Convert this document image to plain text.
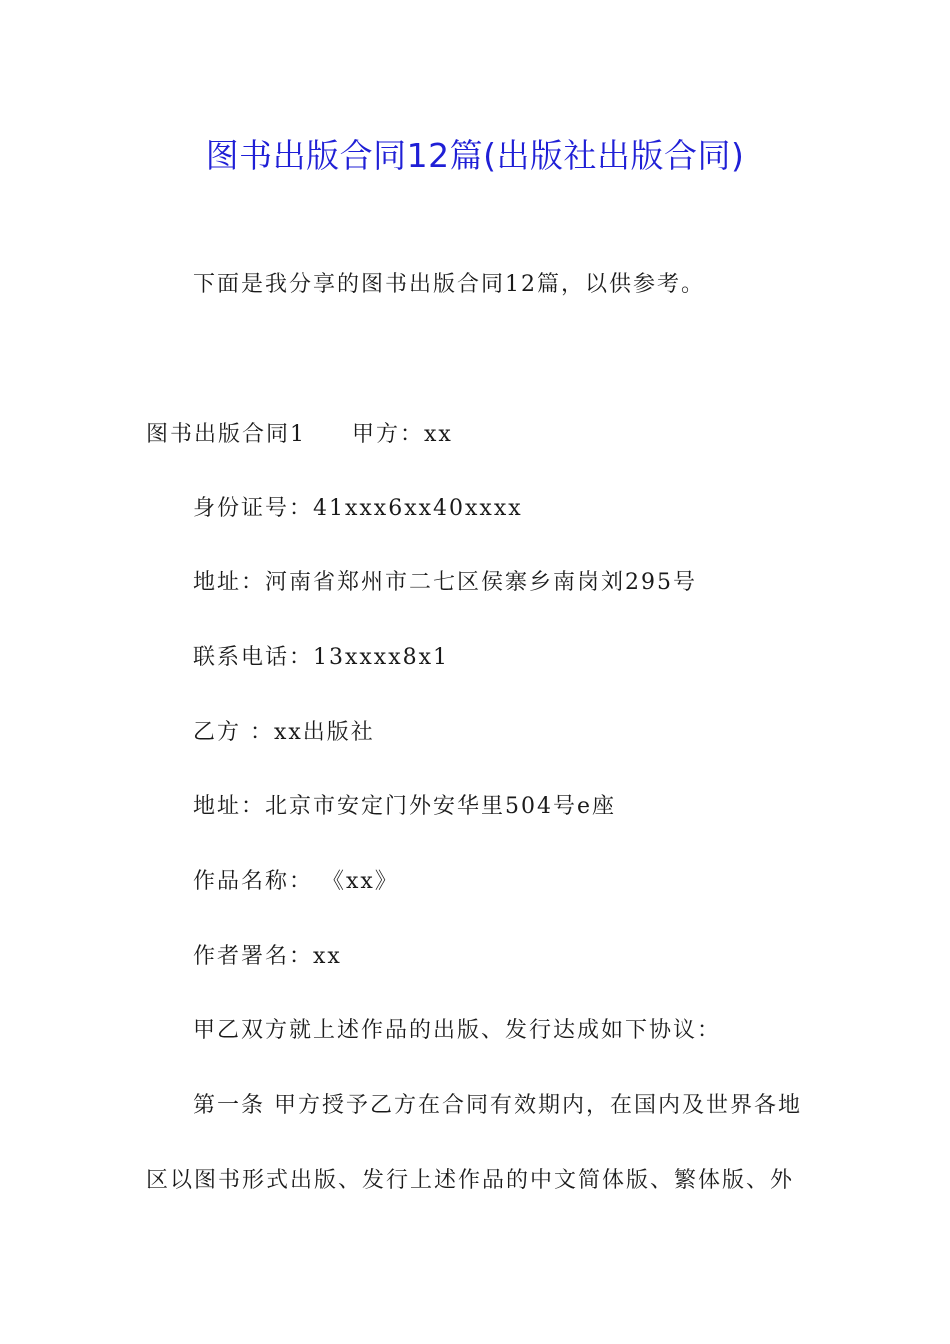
图书出版合同12篇(出版社出版合同)
下面是我分享的图书出版合同12篇，以供参考。
图书出版合同1 甲方：xx
身份证号：41xxx6xx40xxxx
地址：河南省郑州市二七区侯寨乡南岗刘295号
联系电话：13xxxx8x1
乙方 ：xx出版社
地址：北京市安定门外安华里504号e座
作品名称： 《xx》
作者署名：xx
甲乙双方就上述作品的出版、发行达成如下协议：
第一条 甲方授予乙方在合同有效期内，在国内及世界各地
区以图书形式出版、发行上述作品的中文简体版、繁体版、外
